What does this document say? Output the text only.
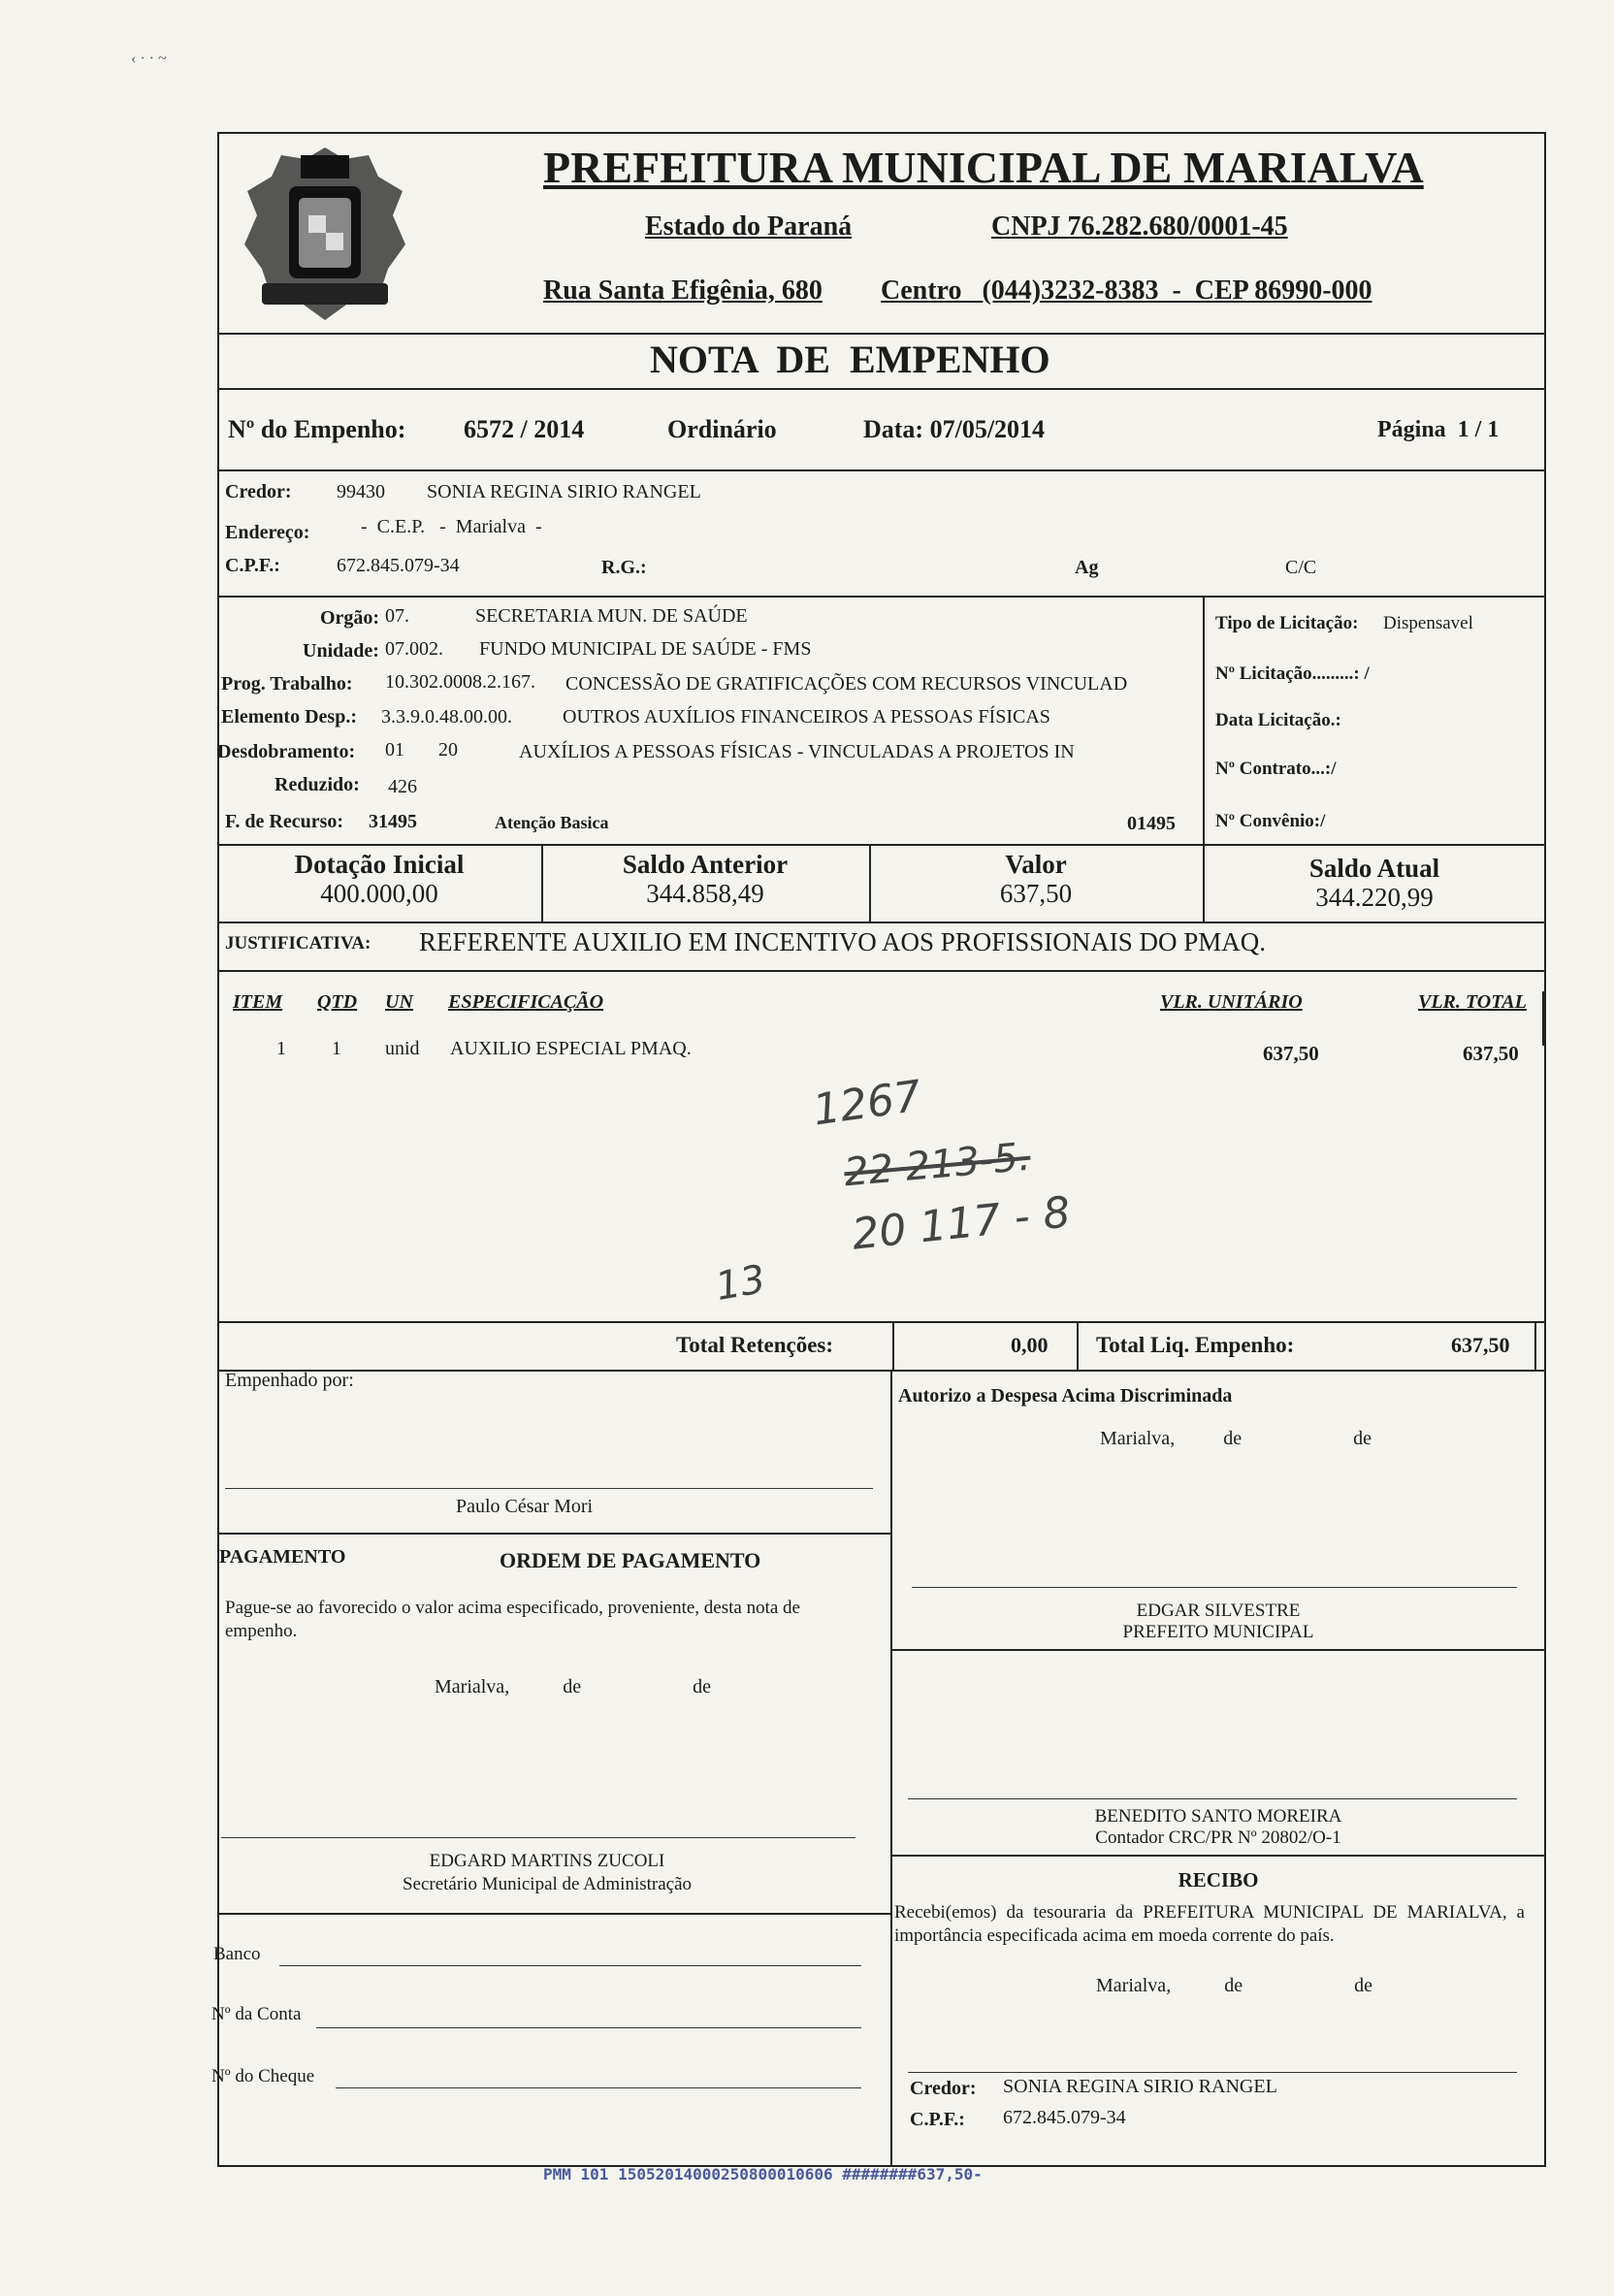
‹ · · ~
PREFEITURA MUNICIPAL DE MARIALVA
Estado do Paraná	CNPJ 76.282.680/0001-45
Rua Santa Efigênia, 680 Centro   (044)3232-8383  -  CEP 86990-000
NOTA  DE  EMPENHO
Nº do Empenho: 6572 / 2014	Ordinário	Data: 07/05/2014	Página  1 / 1
Credor: 99430 SONIA REGINA SIRIO RANGEL
Endereço:	-  C.E.P.   -  Marialva  -
C.P.F.:	672.845.079-34	R.G.:	Ag	C/C
Orgão: 07.	SECRETARIA MUN. DE SAÚDE
Unidade: 07.002. FUNDO MUNICIPAL DE SAÚDE - FMS
Prog. Trabalho: 10.302.0008.2.167. CONCESSÃO DE GRATIFICAÇÕES COM RECURSOS VINCULAD
Elemento Desp.: 3.3.9.0.48.00.00.	OUTROS AUXÍLIOS FINANCEIROS A PESSOAS FÍSICAS
Desdobramento: 01       20	AUXÍLIOS A PESSOAS FÍSICAS - VINCULADAS A PROJETOS IN
Reduzido: 426
F. de Recurso: 31495	Atenção Basica	01495
Tipo de Licitação: Dispensavel
Nº Licitação.........: /
Data Licitação.:
Nº Contrato...:/
Nº Convênio:/
Dotação Inicial
400.000,00
Saldo Anterior
344.858,49
Valor
637,50
Saldo Atual
344.220,99
JUSTIFICATIVA: REFERENTE AUXILIO EM INCENTIVO AOS PROFISSIONAIS DO PMAQ.
ITEM QTD UN ESPECIFICAÇÃO	VLR. UNITÁRIO	VLR. TOTAL
1 1 unid AUXILIO ESPECIAL PMAQ.	637,50	637,50
1267
22 213-5.
20 117 - 8
13
Total Retenções:	0,00 Total Liq. Empenho:	637,50
Empenhado por:
Autorizo a Despesa Acima Discriminada
Marialva,          de                       de
Paulo César Mori
PAGAMENTO	ORDEM DE PAGAMENTO
Pague-se ao favorecido o valor acima especificado, proveniente, desta nota de empenho.
Marialva,           de                       de
EDGAR SILVESTRE
PREFEITO MUNICIPAL
BENEDITO SANTO MOREIRA
Contador CRC/PR Nº 20802/O-1
EDGARD MARTINS ZUCOLI
Secretário Municipal de Administração	RECIBO
Recebi(emos) da tesouraria da PREFEITURA MUNICIPAL DE MARIALVA, a importância especificada acima em moeda corrente do país.
Marialva,           de                       de
Credor: SONIA REGINA SIRIO RANGEL
C.P.F.: 672.845.079-34
Banco
Nº da Conta
Nº do Cheque
PMM 101 15052014000250800010606 ########637,50-
